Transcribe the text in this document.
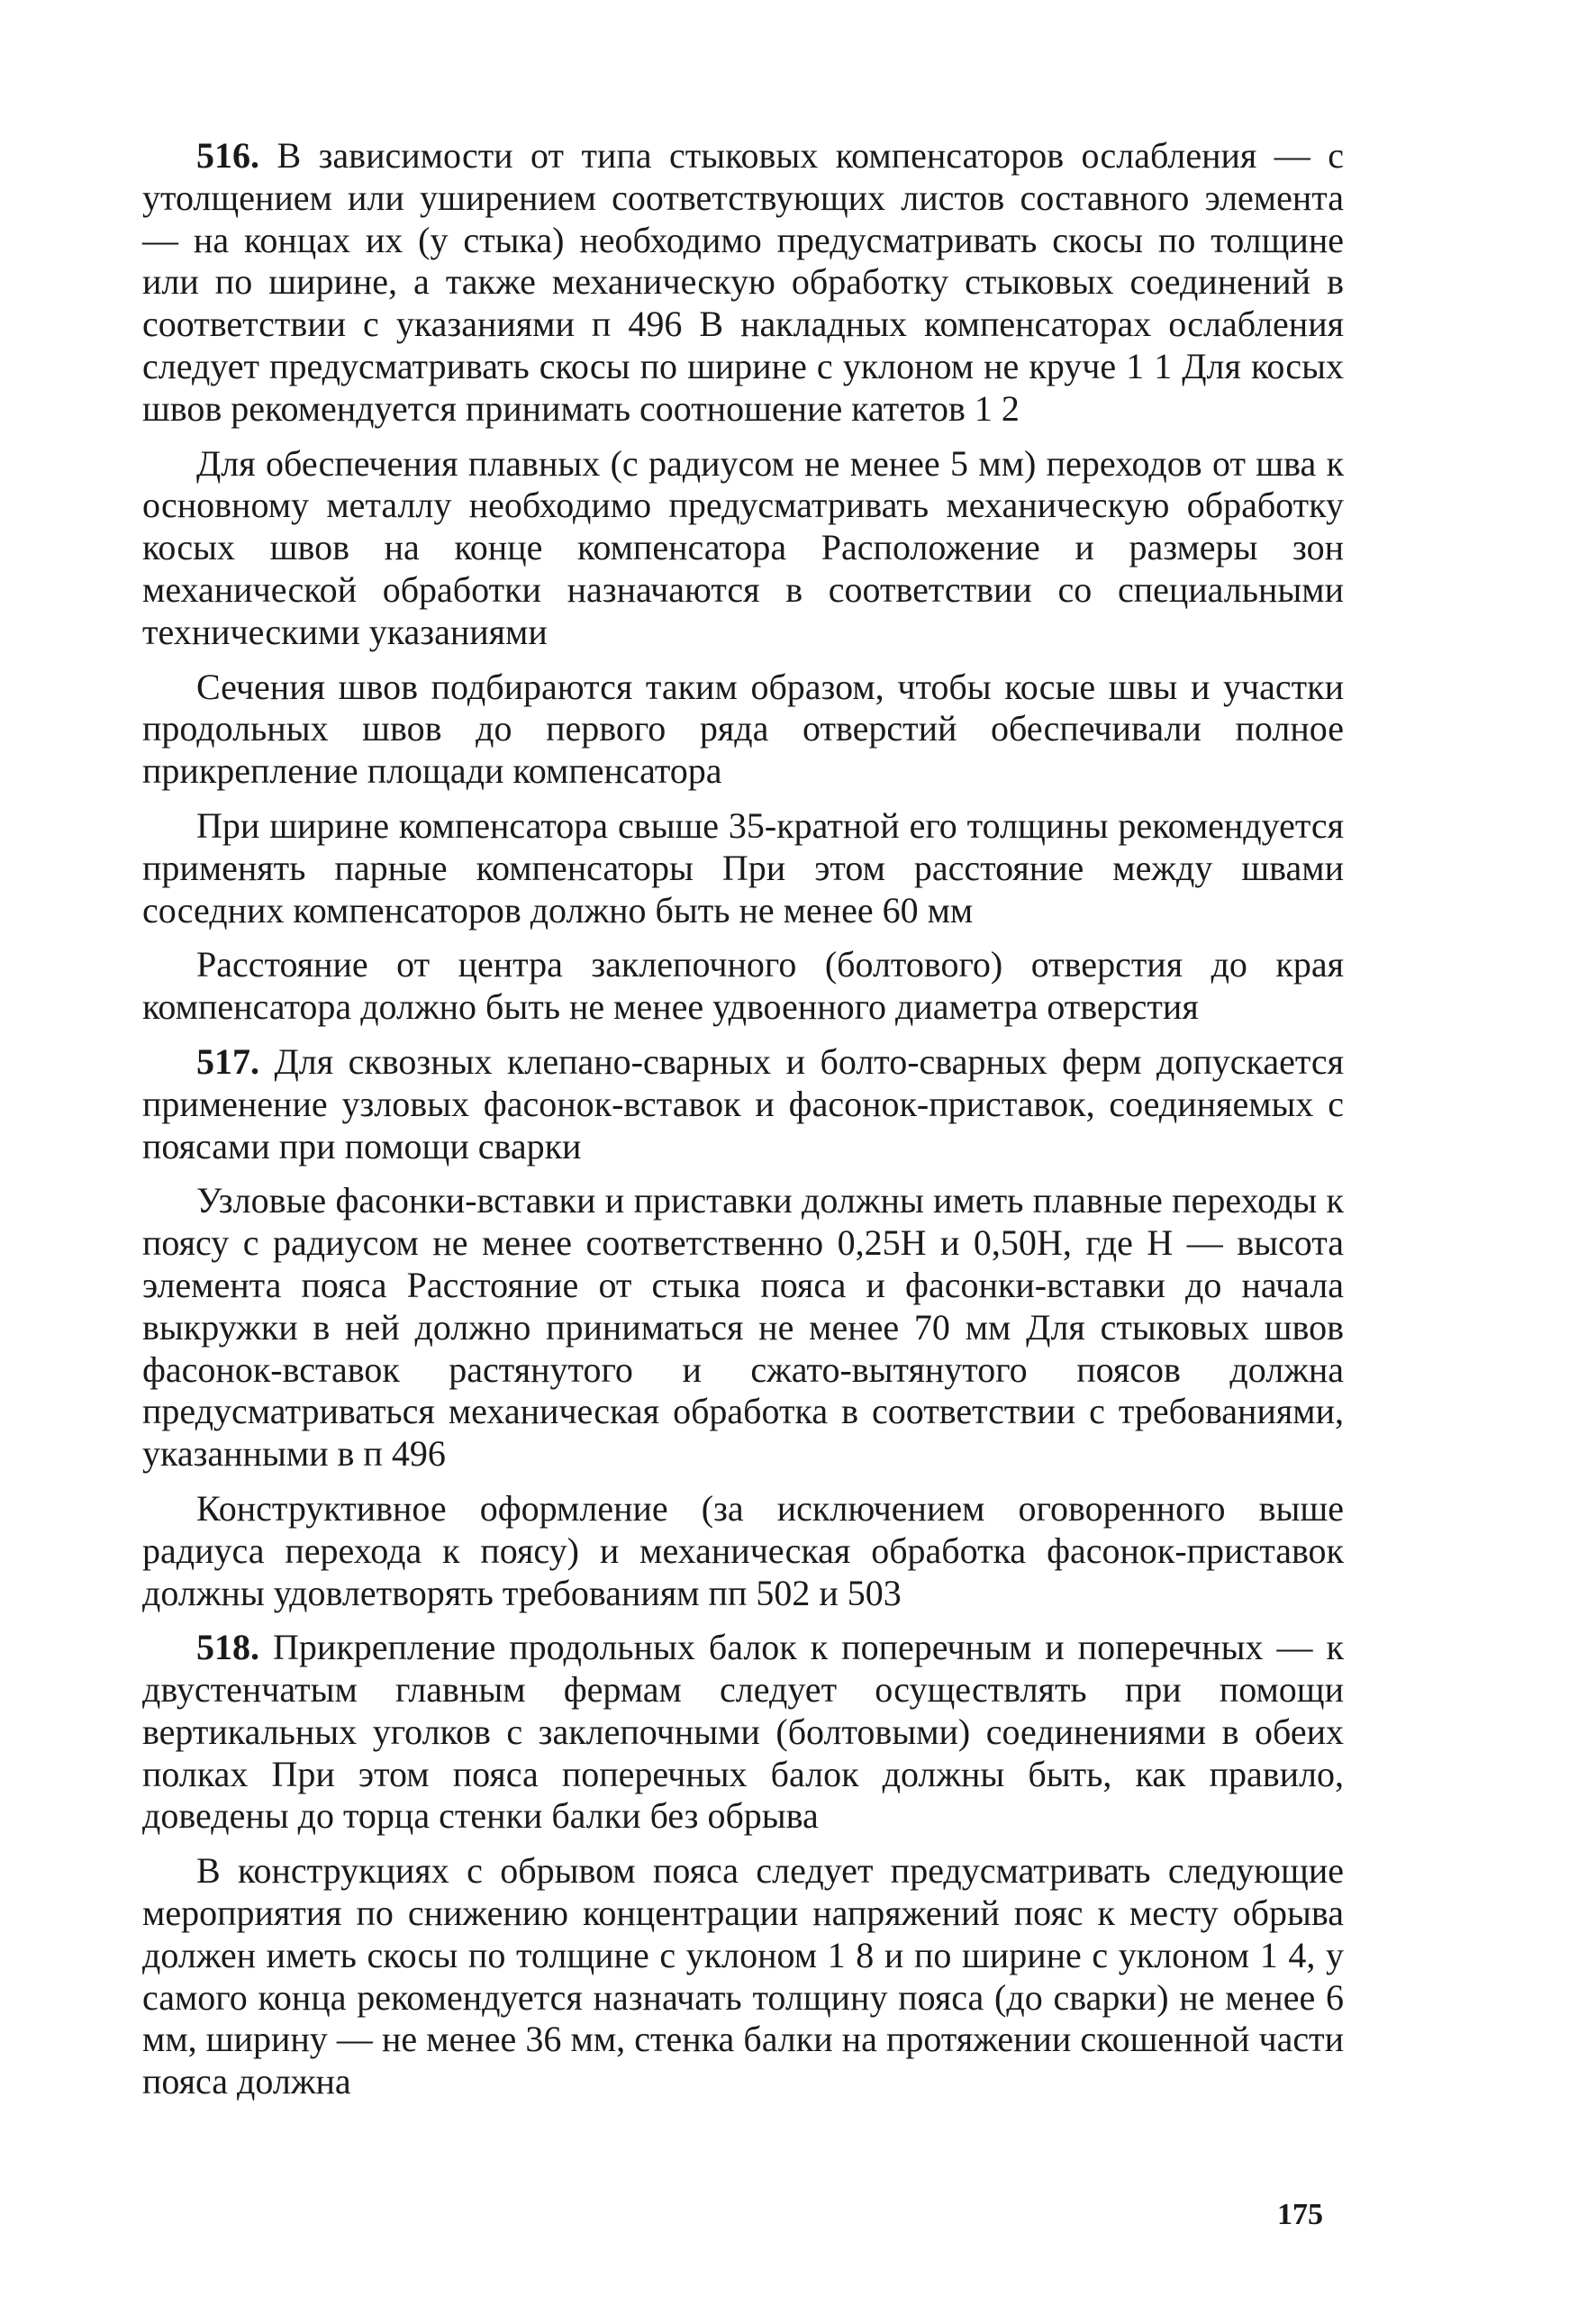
516. В зависимости от типа стыковых компенсаторов ослабления — с утолщением или уширением соответствующих листов составного элемента — на концах их (у стыка) необходимо предусматривать скосы по толщине или по ширине, а также механическую обработку стыковых соединений в соответствии с указаниями п 496 В накладных компенсаторах ослабления следует предусматривать скосы по ширине с уклоном не круче 1 1 Для косых швов рекомендуется принимать соотношение катетов 1 2

Для обеспечения плавных (с радиусом не менее 5 мм) переходов от шва к основному металлу необходимо предусматривать механическую обработку косых швов на конце компенсатора Расположение и размеры зон механической обработки назначаются в соответствии со специальными техническими указаниями

Сечения швов подбираются таким образом, чтобы косые швы и участки продольных швов до первого ряда отверстий обеспечивали полное прикрепление площади компенсатора

При ширине компенсатора свыше 35-кратной его толщины рекомендуется применять парные компенсаторы При этом расстояние между швами соседних компенсаторов должно быть не менее 60 мм

Расстояние от центра заклепочного (болтового) отверстия до края компенсатора должно быть не менее удвоенного диаметра отверстия

517. Для сквозных клепано-сварных и болто-сварных ферм допускается применение узловых фасонок-вставок и фасонок-приставок, соединяемых с поясами при помощи сварки

Узловые фасонки-вставки и приставки должны иметь плавные переходы к поясу с радиусом не менее соответственно 0,25Н и 0,50Н, где Н — высота элемента пояса Расстояние от стыка пояса и фасонки-вставки до начала выкружки в ней должно приниматься не менее 70 мм Для стыковых швов фасонок-вставок растянутого и сжато-вытянутого поясов должна предусматриваться механическая обработка в соответствии с требованиями, указанными в п 496

Конструктивное оформление (за исключением оговоренного выше радиуса перехода к поясу) и механическая обработка фасонок-приставок должны удовлетворять требованиям пп 502 и 503

518. Прикрепление продольных балок к поперечным и поперечных — к двустенчатым главным фермам следует осуществлять при помощи вертикальных уголков с заклепочными (болтовыми) соединениями в обеих полках При этом пояса поперечных балок должны быть, как правило, доведены до торца стенки балки без обрыва

В конструкциях с обрывом пояса следует предусматривать следующие мероприятия по снижению концентрации напряжений пояс к месту обрыва должен иметь скосы по толщине с уклоном 1 8 и по ширине с уклоном 1 4, у самого конца рекомендуется назначать толщину пояса (до сварки) не менее 6 мм, ширину — не менее 36 мм, стенка балки на протяжении скошенной части пояса должна

175
